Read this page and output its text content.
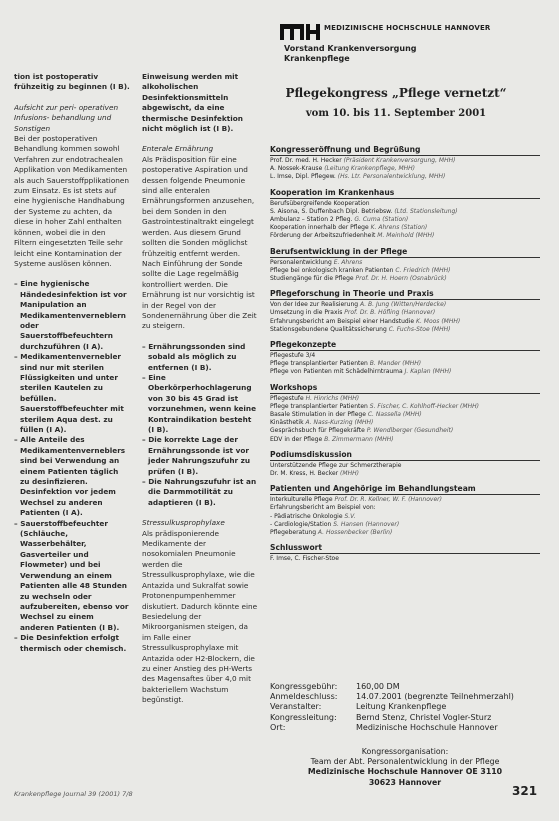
MEDIZINISCHE HOCHSCHULE HANNOVER
Vorstand Krankenversorgung
Krankenpflege

tion ist postoperativ frühzeitig zu beginnen (I B).

Aufsicht zur peri- operativen Infusions- behandlung und Sonstigen

Bei der postoperativen Behandlung kommen sowohl Verfahren zur endotrachealen Applikation von Medikamenten als auch Sauerstoffpplikationen zum Einsatz. Es ist stets auf eine hygienische Handhabung der Systeme zu achten, da diese in hoher Zahl enthalten können, wobei die in den Filtern eingesetzten Teile sehr leicht eine Kontamination der Systeme auslösen können.

– Eine hygienische Händedesinfektion ist vor Manipulation an Medikamentenverneblern oder Sauerstoffbefeuchtern durchzuführen (I A).

– Medikamentenvernebler sind nur mit sterilen Flüssigkeiten und unter sterilen Kautelen zu befüllen. Sauerstoffbefeuchter mit sterilem Aqua dest. zu füllen (I A).

– Alle Anteile des Medikamentenverneblers sind bei Verwendung an einem Patienten täglich zu desinfizieren. Desinfektion vor jedem Wechsel zu anderen Patienten (I A).

– Sauerstoffbefeuchter (Schläuche, Wasserbehälter, Gasverteiler und Flowmeter) und bei Verwendung an einem Patienten alle 48 Stunden zu wechseln oder aufzubereiten, ebenso vor Wechsel zu einem anderen Patienten (I B).

– Die Desinfektion erfolgt thermisch oder chemisch.

Einweisung werden mit alkoholischen Desinfektionsmitteln abgewischt, da eine thermische Desinfektion nicht möglich ist (I B).

Enterale Ernährung

Als Prädisposition für eine postoperative Aspiration und dessen folgende Pneumonie sind alle enteralen Ernährungsformen anzusehen, bei dem Sonden in den Gastrointestinaltrakt eingelegt werden. Aus diesem Grund sollten die Sonden möglichst frühzeitig entfernt werden. Nach Einführung der Sonde sollte die Lage regelmäßig kontrolliert werden. Die Ernährung ist nur vorsichtig ist in der Regel von der Sondenernährung über die Zeit zu steigern.

– Ernährungssonden sind sobald als möglich zu entfernen (I B).

– Eine Oberkörperhochlagerung von 30 bis 45 Grad ist vorzunehmen, wenn keine Kontraindikation besteht (I B).

– Die korrekte Lage der Ernährungssonde ist vor jeder Nahrungszufuhr zu prüfen (I B).

– Die Nahrungszufuhr ist an die Darmmotilität zu adaptieren (I B).

Stressulkusprophylaxe

Als prädisponierende Medikamente der nosokomialen Pneumonie werden die Stressulkusprophylaxe, wie die Antazida und Sukralfat sowie Protonenpumpenhemmer diskutiert. Dadurch könnte eine Besiedelung der Mikroorganismen steigen, da im Falle einer Stressulkusprophylaxe mit Antazida oder H2-Blockern, die zu einer Anstieg des pH-Werts des Magensaftes über 4,0 mit bakteriellem Wachstum begünstigt.

Pflegekongress „Pflege vernetzt“
vom 10. bis 11. September 2001
Kongresseröffnung und Begrüßung
Prof. Dr. med. H. Hecker (Präsident Krankenversorgung, MHH)
A. Nossek-Krause (Leitung Krankenpflege, MHH)
L. Imse, Dipl. Pflegew. (Hs. Ltr. Personalentwicklung, MHH)
Kooperation im Krankenhaus
Berufsübergreifende Kooperation
S. Aisona, S. Duffenbach Dipl. Betriebsw. (Ltd. Stationsleitung)
Ambulanz – Station 2 Pfleg. G. Cuma (Station)
Kooperation innerhalb der Pflege K. Ahrens (Station)
Förderung der Arbeitszufriedenheit M. Meinhold (MHH)
Berufsentwicklung in der Pflege
Personalentwicklung E. Ahrens
Pflege bei onkologisch kranken Patienten C. Friedrich (MHH)
Studiengänge für die Pflege Prof. Dr. H. Hoern (Osnabrück)
Pflegeforschung in Theorie und Praxis
Von der Idee zur Realisierung A. B. Jung (Witten/Herdecke)
Umsetzung in die Praxis Prof. Dr. B. Höfling (Hannover)
Erfahrungsbericht am Beispiel einer Handstudie K. Moos (MHH)
Stationsgebundene Qualitätssicherung C. Fuchs-Stoe (MHH)
Pflegekonzepte
Pflegestufe 3/4
Pflege transplantierter Patienten B. Mander (MHH)
Pflege von Patienten mit Schädelhirntrauma J. Kaplan (MHH)
Workshops
Pflegestufe H. Hinrichs (MHH)
Pflege transplantierter Patienten S. Fischer, C. Kohlhoff-Hecker (MHH)
Basale Stimulation in der Pflege C. Nassella (MHH)
Kinästhetik A. Nass-Kurzing (MHH)
Gesprächsbuch für Pflegekräfte P. Wendlberger (Gesundheit)
EDV in der Pflege B. Zimmermann (MHH)
Podiumsdiskussion
Unterstützende Pflege zur Schmerztherapie
Dr. M. Kress, H. Becker (MHH)
Patienten und Angehörige im Behandlungsteam
Interkulturelle Pflege Prof. Dr. R. Kellner, W. F. (Hannover)
Erfahrungsbericht am Beispiel von:
- Pädiatrische Onkologie S.V.
- Cardiologie/Station S. Hansen (Hannover)
Pflegeberatung A. Hossenbecker (Berlin)
Schlusswort
F. Imse, C. Fischer-Stoe
Kongressgebühr:	160,00 DM
Anmeldeschluss:	14.07.2001 (begrenzte Teilnehmerzahl)
Veranstalter:	Leitung Krankenpflege
Kongressleitung:	Bernd Stenz, Christel Vogler-Sturz
Ort:	Medizinische Hochschule Hannover
Kongressorganisation:
Team der Abt. Personalentwicklung in der Pflege
Medizinische Hochschule Hannover OE 3110
30623 Hannover
Krankenpflege Journal 39 (2001) 7/8	321
